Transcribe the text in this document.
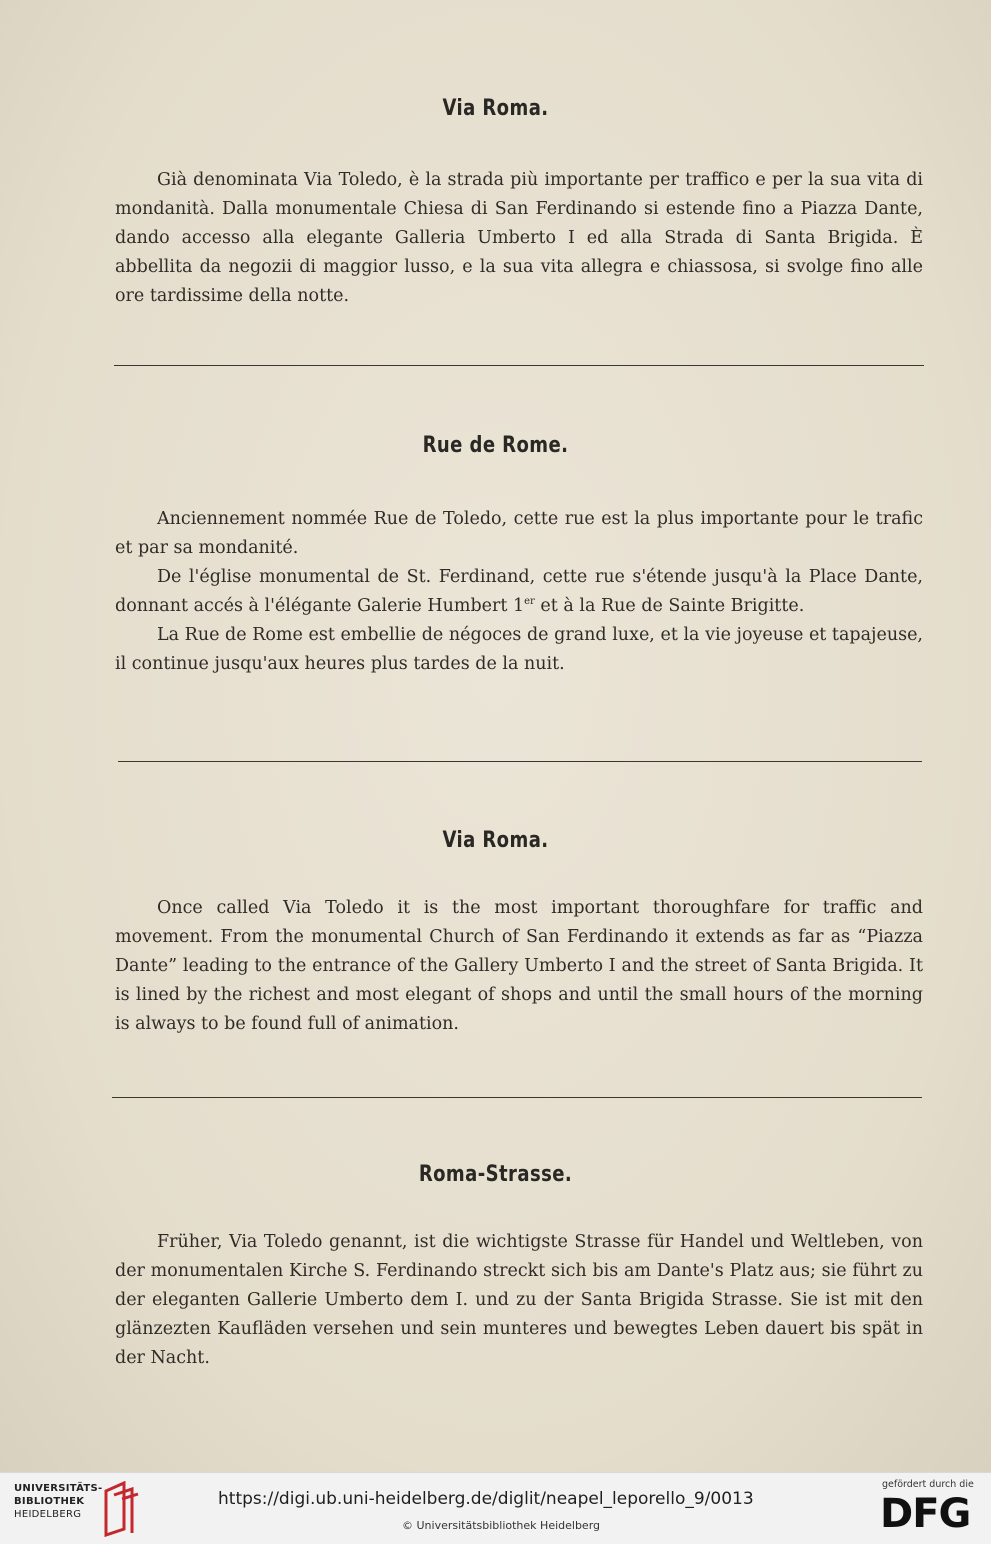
Via Roma.

Già denominata Via Toledo, è la strada più importante per traffico e per la sua vita di mondanità. Dalla monumentale Chiesa di San Ferdinando si estende fino a Piazza Dante, dando accesso alla elegante Galleria Umberto I ed alla Strada di Santa Brigida. È abbellita da negozii di maggior lusso, e la sua vita allegra e chiassosa, si svolge fino alle ore tardissime della notte.

Rue de Rome.

Anciennement nommée Rue de Toledo, cette rue est la plus importante pour le trafic et par sa mondanité.

De l'église monumental de St. Ferdinand, cette rue s'étende jusqu'à la Place Dante, donnant accés à l'élégante Galerie Humbert 1er et à la Rue de Sainte Brigitte.

La Rue de Rome est embellie de négoces de grand luxe, et la vie joyeuse et tapajeuse, il continue jusqu'aux heures plus tardes de la nuit.

Via Roma.

Once called Via Toledo it is the most important thoroughfare for traffic and movement. From the monumental Church of San Ferdinando it extends as far as “Piazza Dante” leading to the entrance of the Gallery Umberto I and the street of Santa Brigida. It is lined by the richest and most elegant of shops and until the small hours of the morning is always to be found full of animation.

Roma-Strasse.

Früher, Via Toledo genannt, ist die wichtigste Strasse für Handel und Weltleben, von der monumentalen Kirche S. Ferdinando streckt sich bis am Dante's Platz aus; sie führt zu der eleganten Gallerie Umberto dem I. und zu der Santa Brigida Strasse. Sie ist mit den glänzezten Kaufläden versehen und sein munteres und bewegtes Leben dauert bis spät in der Nacht.

UNIVERSITÄTS-
BIBLIOTHEK
HEIDELBERG
https://digi.ub.uni-heidelberg.de/diglit/neapel_leporello_9/0013
© Universitätsbibliothek Heidelberg
gefördert durch die
DFG
